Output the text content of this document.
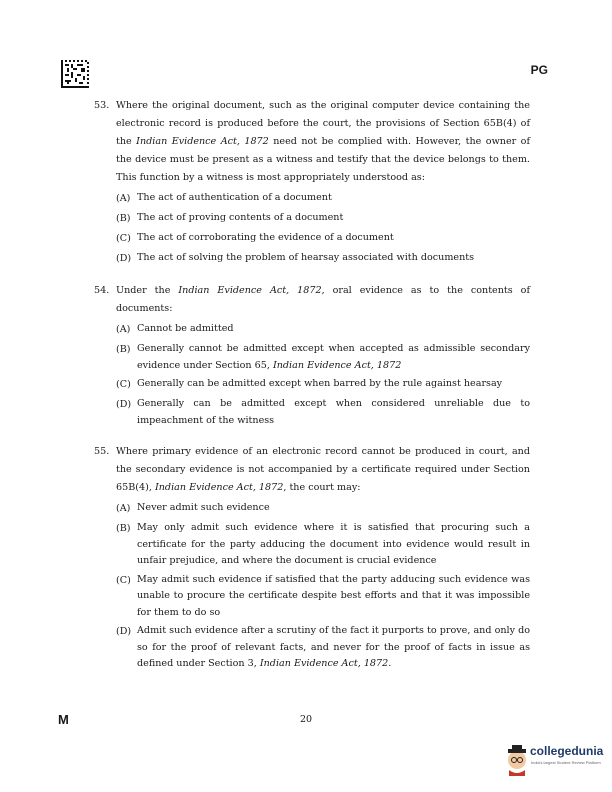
PG
53. Where the original document, such as the original computer device containing the electronic record is produced before the court, the provisions of Section 65B(4) of the Indian Evidence Act, 1872 need not be complied with. However, the owner of the device must be present as a witness and testify that the device belongs to them. This function by a witness is most appropriately understood as:
(A) The act of authentication of a document
(B) The act of proving contents of a document
(C) The act of corroborating the evidence of a document
(D) The act of solving the problem of hearsay associated with documents
54. Under the Indian Evidence Act, 1872, oral evidence as to the contents of documents:
(A) Cannot be admitted
(B) Generally cannot be admitted except when accepted as admissible secondary evidence under Section 65, Indian Evidence Act, 1872
(C) Generally can be admitted except when barred by the rule against hearsay
(D) Generally can be admitted except when considered unreliable due to impeachment of the witness
55. Where primary evidence of an electronic record cannot be produced in court, and the secondary evidence is not accompanied by a certificate required under Section 65B(4), Indian Evidence Act, 1872, the court may:
(A) Never admit such evidence
(B) May only admit such evidence where it is satisfied that procuring such a certificate for the party adducing the document into evidence would result in unfair prejudice, and where the document is crucial evidence
(C) May admit such evidence if satisfied that the party adducing such evidence was unable to procure the certificate despite best efforts and that it was impossible for them to do so
(D) Admit such evidence after a scrutiny of the fact it purports to prove, and only do so for the proof of relevant facts, and never for the proof of facts in issue as defined under Section 3, Indian Evidence Act, 1872.
M	20
collegedunia
India's largest Student Review Platform
